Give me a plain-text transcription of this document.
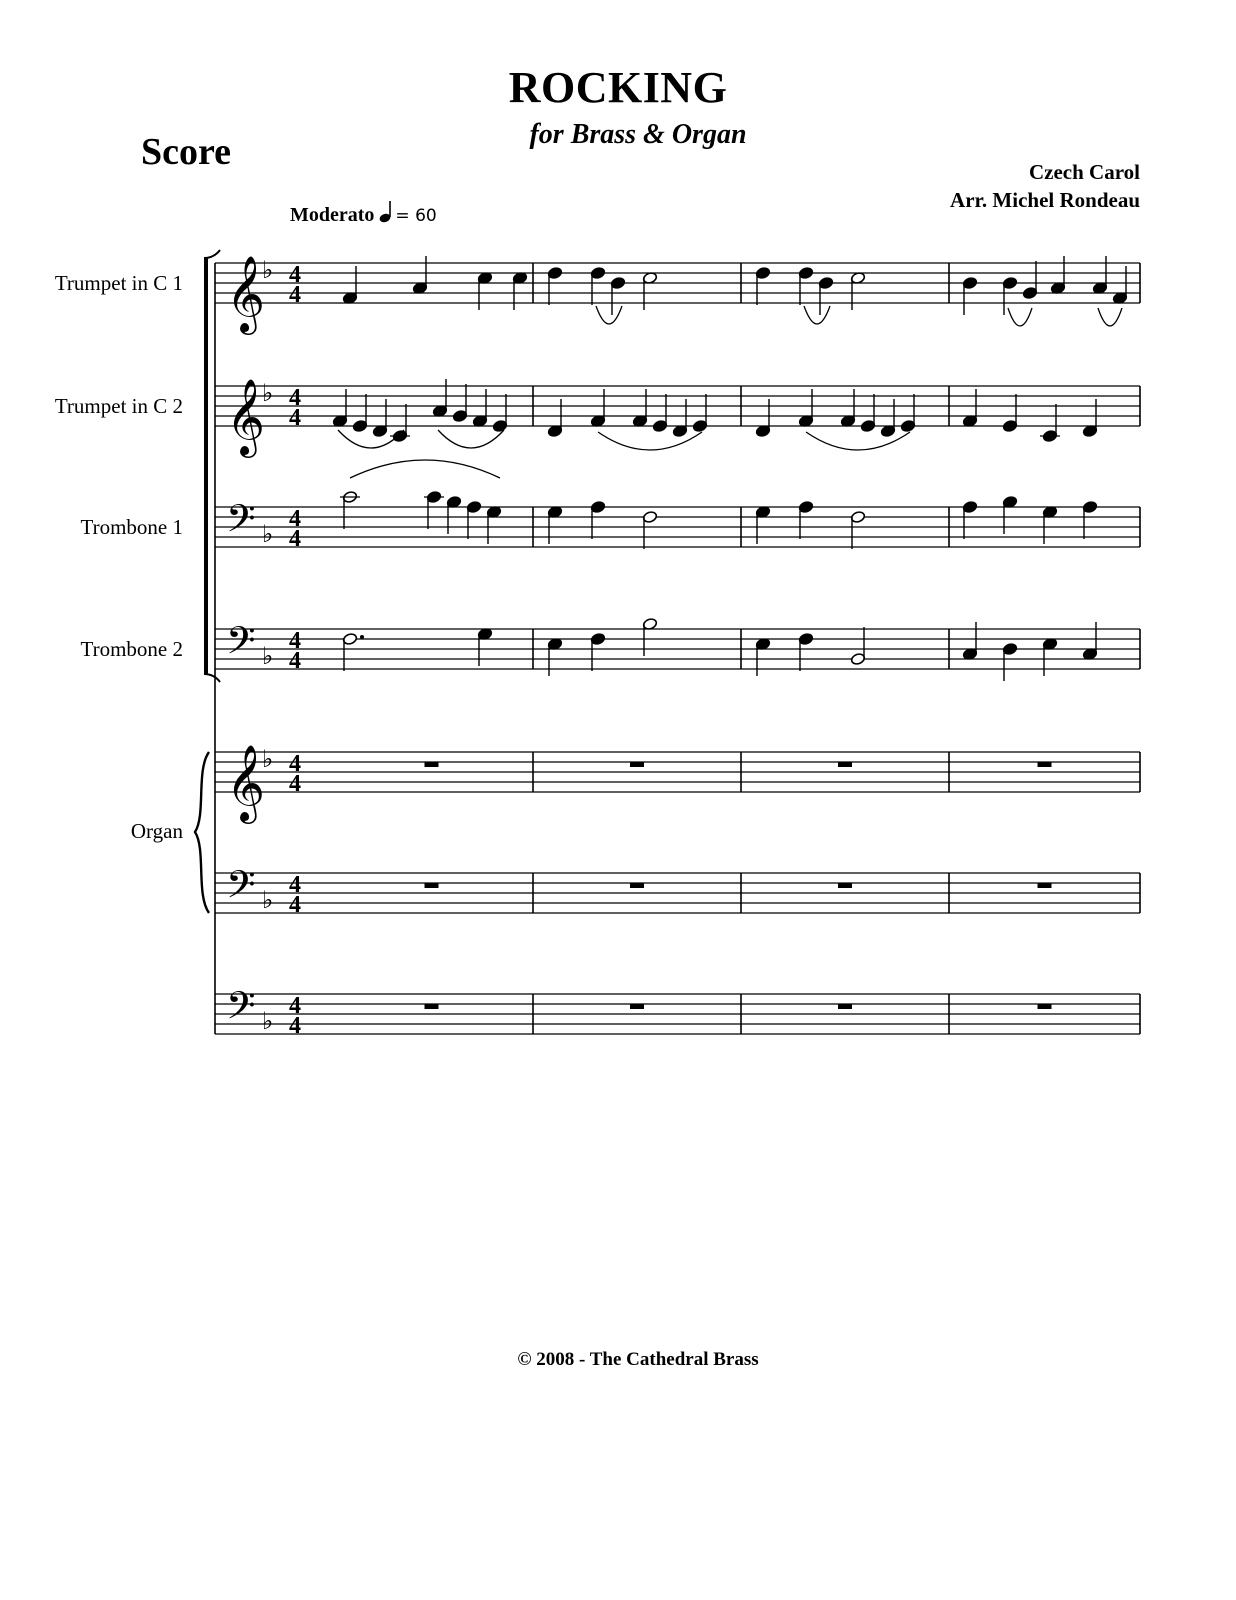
ROCKING
for Brass & Organ
Score	Czech Carol
Arr. Michel Rondeau
Moderato = 60
Trumpet in C 1
Trumpet in C 2
Trombone 1
Trombone 2
Organ
𝄞
♭ 4
4
𝄞
♭ 4
4
𝄢 ♭
4
4
𝄢 ♭
4
4
𝄞
♭ 4
4
𝄢 ♭
4
4
𝄢 ♭
4
4
© 2008 - The Cathedral Brass
